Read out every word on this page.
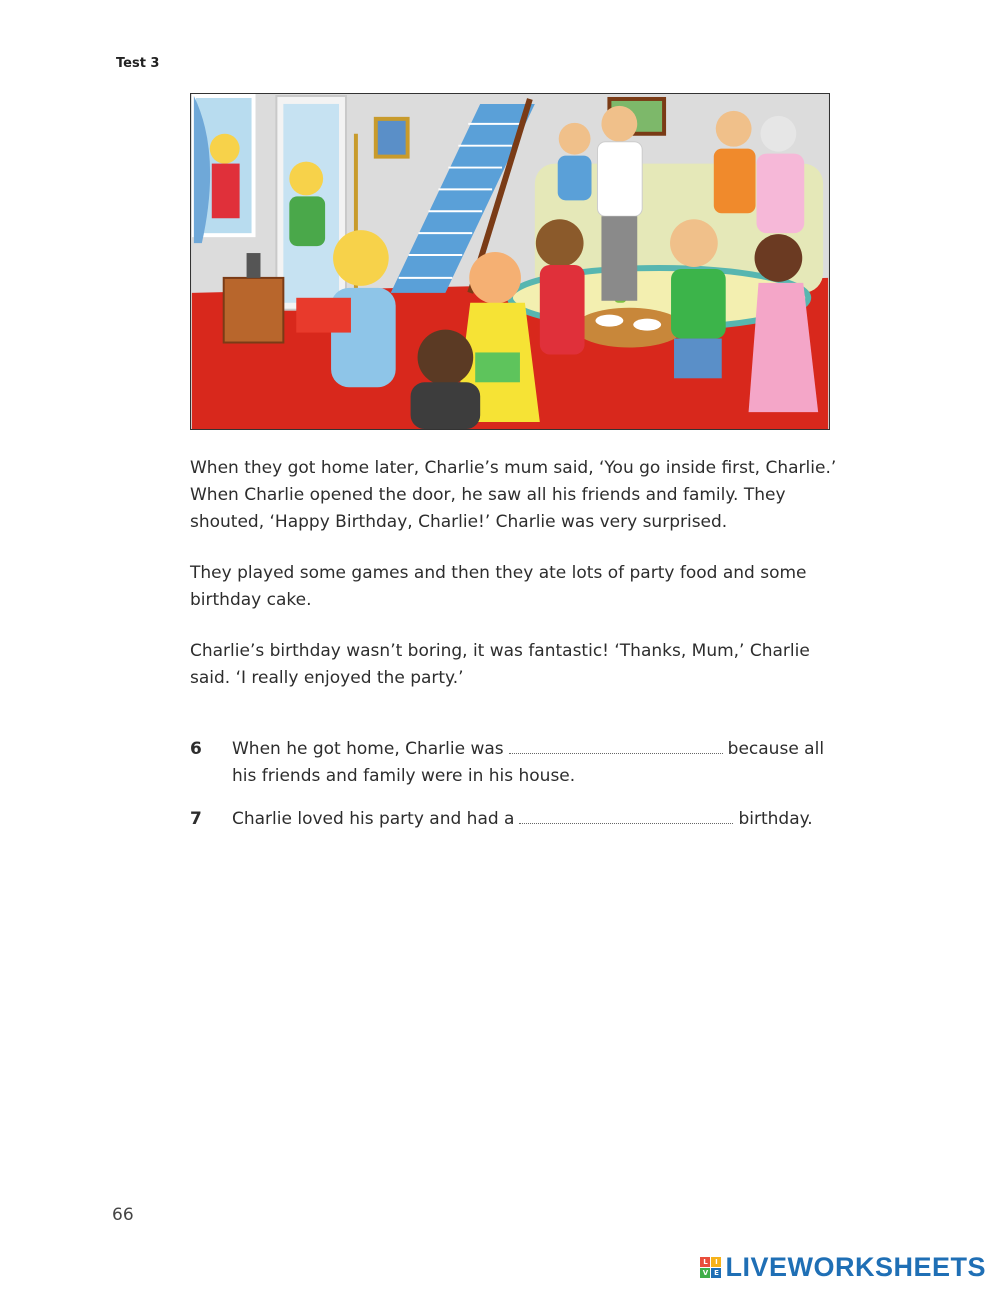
Test 3

When they got home later, Charlie’s mum said, ‘You go inside first, Charlie.’ When Charlie opened the door, he saw all his friends and family. They shouted, ‘Happy Birthday, Charlie!’ Charlie was very surprised.

They played some games and then they ate lots of party food and some birthday cake.

Charlie’s birthday wasn’t boring, it was fantastic! ‘Thanks, Mum,’ Charlie said. ‘I really enjoyed the party.’

6	When he got home, Charlie was	because all his friends and family were in his house.
7	Charlie loved his party and had a	birthday.
66
L	I
V E LIVEWORKSHEETS
